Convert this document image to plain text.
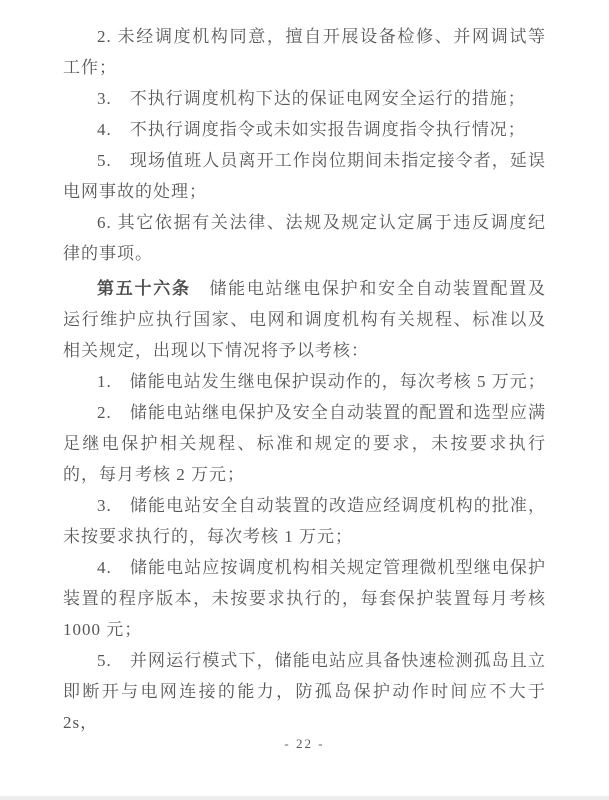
2. 未经调度机构同意，擅自开展设备检修、并网调试等工作；

3.　不执行调度机构下达的保证电网安全运行的措施；

4.　不执行调度指令或未如实报告调度指令执行情况；

5.　现场值班人员离开工作岗位期间未指定接令者，延误电网事故的处理；

6. 其它依据有关法律、法规及规定认定属于违反调度纪律的事项。

第五十六条　储能电站继电保护和安全自动装置配置及运行维护应执行国家、电网和调度机构有关规程、标准以及相关规定，出现以下情况将予以考核：

1.　储能电站发生继电保护误动作的，每次考核 5 万元；

2.　储能电站继电保护及安全自动装置的配置和选型应满足继电保护相关规程、标准和规定的要求，未按要求执行的，每月考核 2 万元；

3.　储能电站安全自动装置的改造应经调度机构的批准，未按要求执行的，每次考核 1 万元；

4.　储能电站应按调度机构相关规定管理微机型继电保护装置的程序版本，未按要求执行的，每套保护装置每月考核 1000 元；

5.　并网运行模式下，储能电站应具备快速检测孤岛且立即断开与电网连接的能力，防孤岛保护动作时间应不大于 2s，

- 22 -
